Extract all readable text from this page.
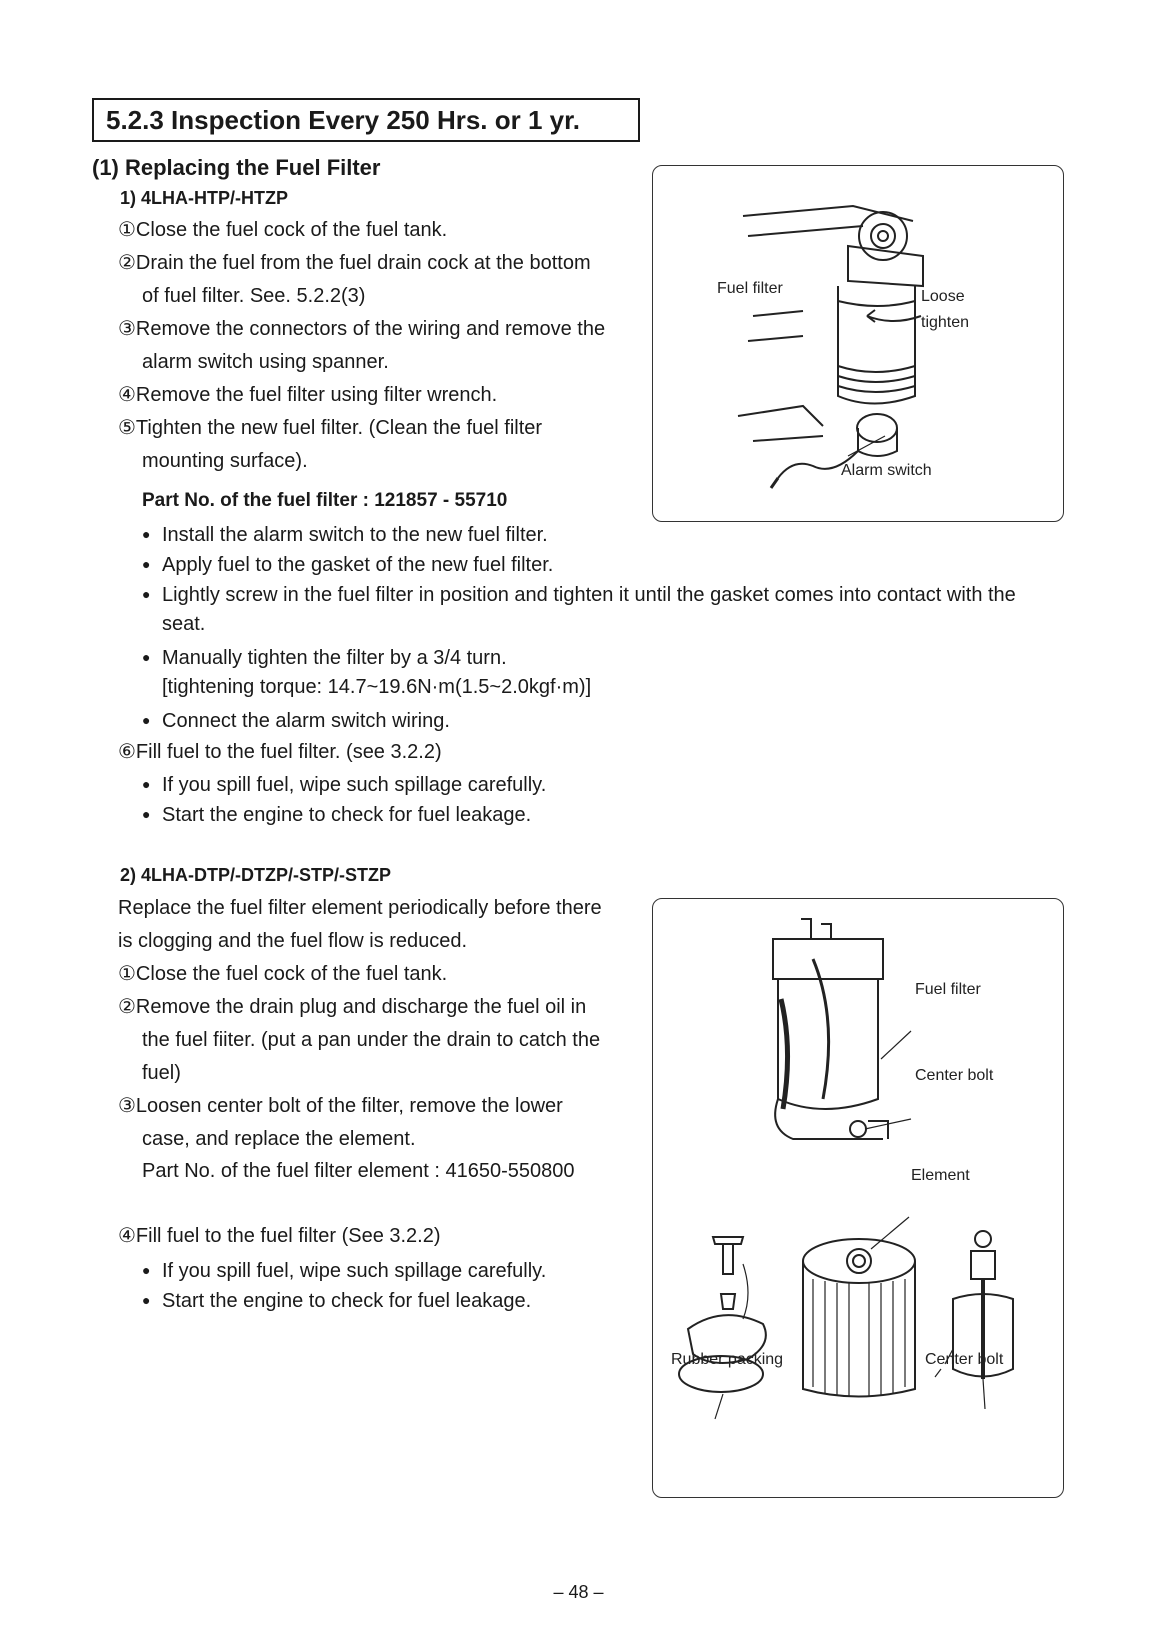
5.2.3 Inspection Every 250 Hrs. or 1 yr.
(1) Replacing the Fuel Filter
1) 4LHA-HTP/-HTZP
①Close the fuel cock of the fuel tank.
②Drain the fuel from the fuel drain cock at the bottom of fuel filter. See. 5.2.2(3)
③Remove the connectors of the wiring and remove the alarm switch using spanner.
④Remove the fuel filter using filter wrench.
⑤Tighten the new fuel filter. (Clean the fuel filter mounting surface).
Part No. of the fuel filter : 121857 - 55710
● Install the alarm switch to the new fuel filter.
● Apply fuel to the gasket of the new fuel filter.
● Lightly screw in the fuel filter in position and tighten it until the gasket comes into contact with the seat.
● Manually tighten the filter by a 3/4 turn.
[tightening torque: 14.7~19.6N·m(1.5~2.0kgf·m)]
● Connect the alarm switch wiring.
⑥Fill fuel to the fuel filter. (see 3.2.2)
● If you spill fuel, wipe such spillage carefully.
● Start the engine to check for fuel leakage.
Fuel filter	Loose
tighten
Alarm switch
2) 4LHA-DTP/-DTZP/-STP/-STZP
Replace the fuel filter element periodically before there is clogging and the fuel flow is reduced.
①Close the fuel cock of the fuel tank.
②Remove the drain plug and discharge the fuel oil in the fuel fiiter. (put a pan under the drain to catch the fuel)
③Loosen center bolt of the filter, remove the lower case, and replace the element.
Part No. of the fuel filter element : 41650-550800
④Fill fuel to the fuel filter (See 3.2.2)
● If you spill fuel, wipe such spillage carefully.
● Start the engine to check for fuel leakage.
Fuel filter
Center bolt
Element
Rubber packing	Center bolt
– 48 –
